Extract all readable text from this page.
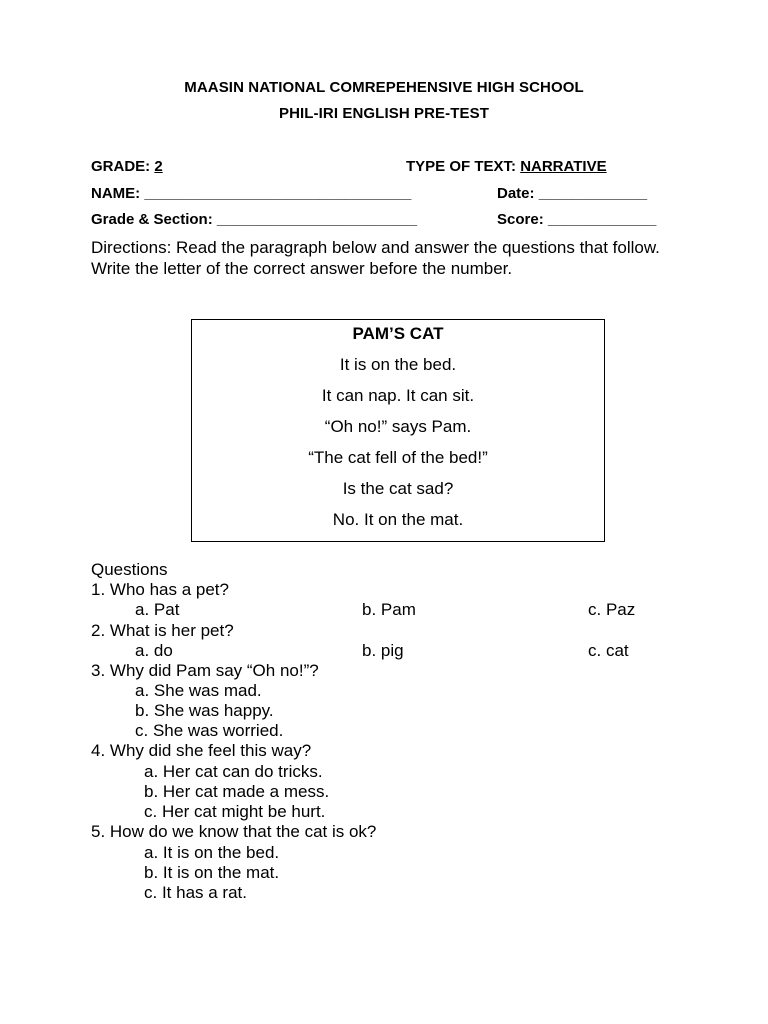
MAASIN NATIONAL COMREPEHENSIVE HIGH SCHOOL
PHIL-IRI ENGLISH PRE-TEST
GRADE: 2	TYPE OF TEXT: NARRATIVE
NAME: ________________________________	Date: _____________
Grade & Section: ________________________	Score: _____________
Directions: Read the paragraph below and answer the questions that follow. Write the letter of the correct answer before the number.
PAM’S CAT
It is on the bed.
It can nap. It can sit.
“Oh no!” says Pam.
“The cat fell of the bed!”
Is the cat sad?
No. It on the mat.
Questions
1. Who has a pet?
a. Pat	b. Pam	c. Paz
2. What is her pet?
a. do	b. pig	c. cat
3. Why did Pam say “Oh no!”?
a. She was mad.
b. She was happy.
c. She was worried.
4. Why did she feel this way?
a. Her cat can do tricks.
b. Her cat made a mess.
c. Her cat might be hurt.
5. How do we know that the cat is ok?
a. It is on the bed.
b. It is on the mat.
c. It has a rat.
